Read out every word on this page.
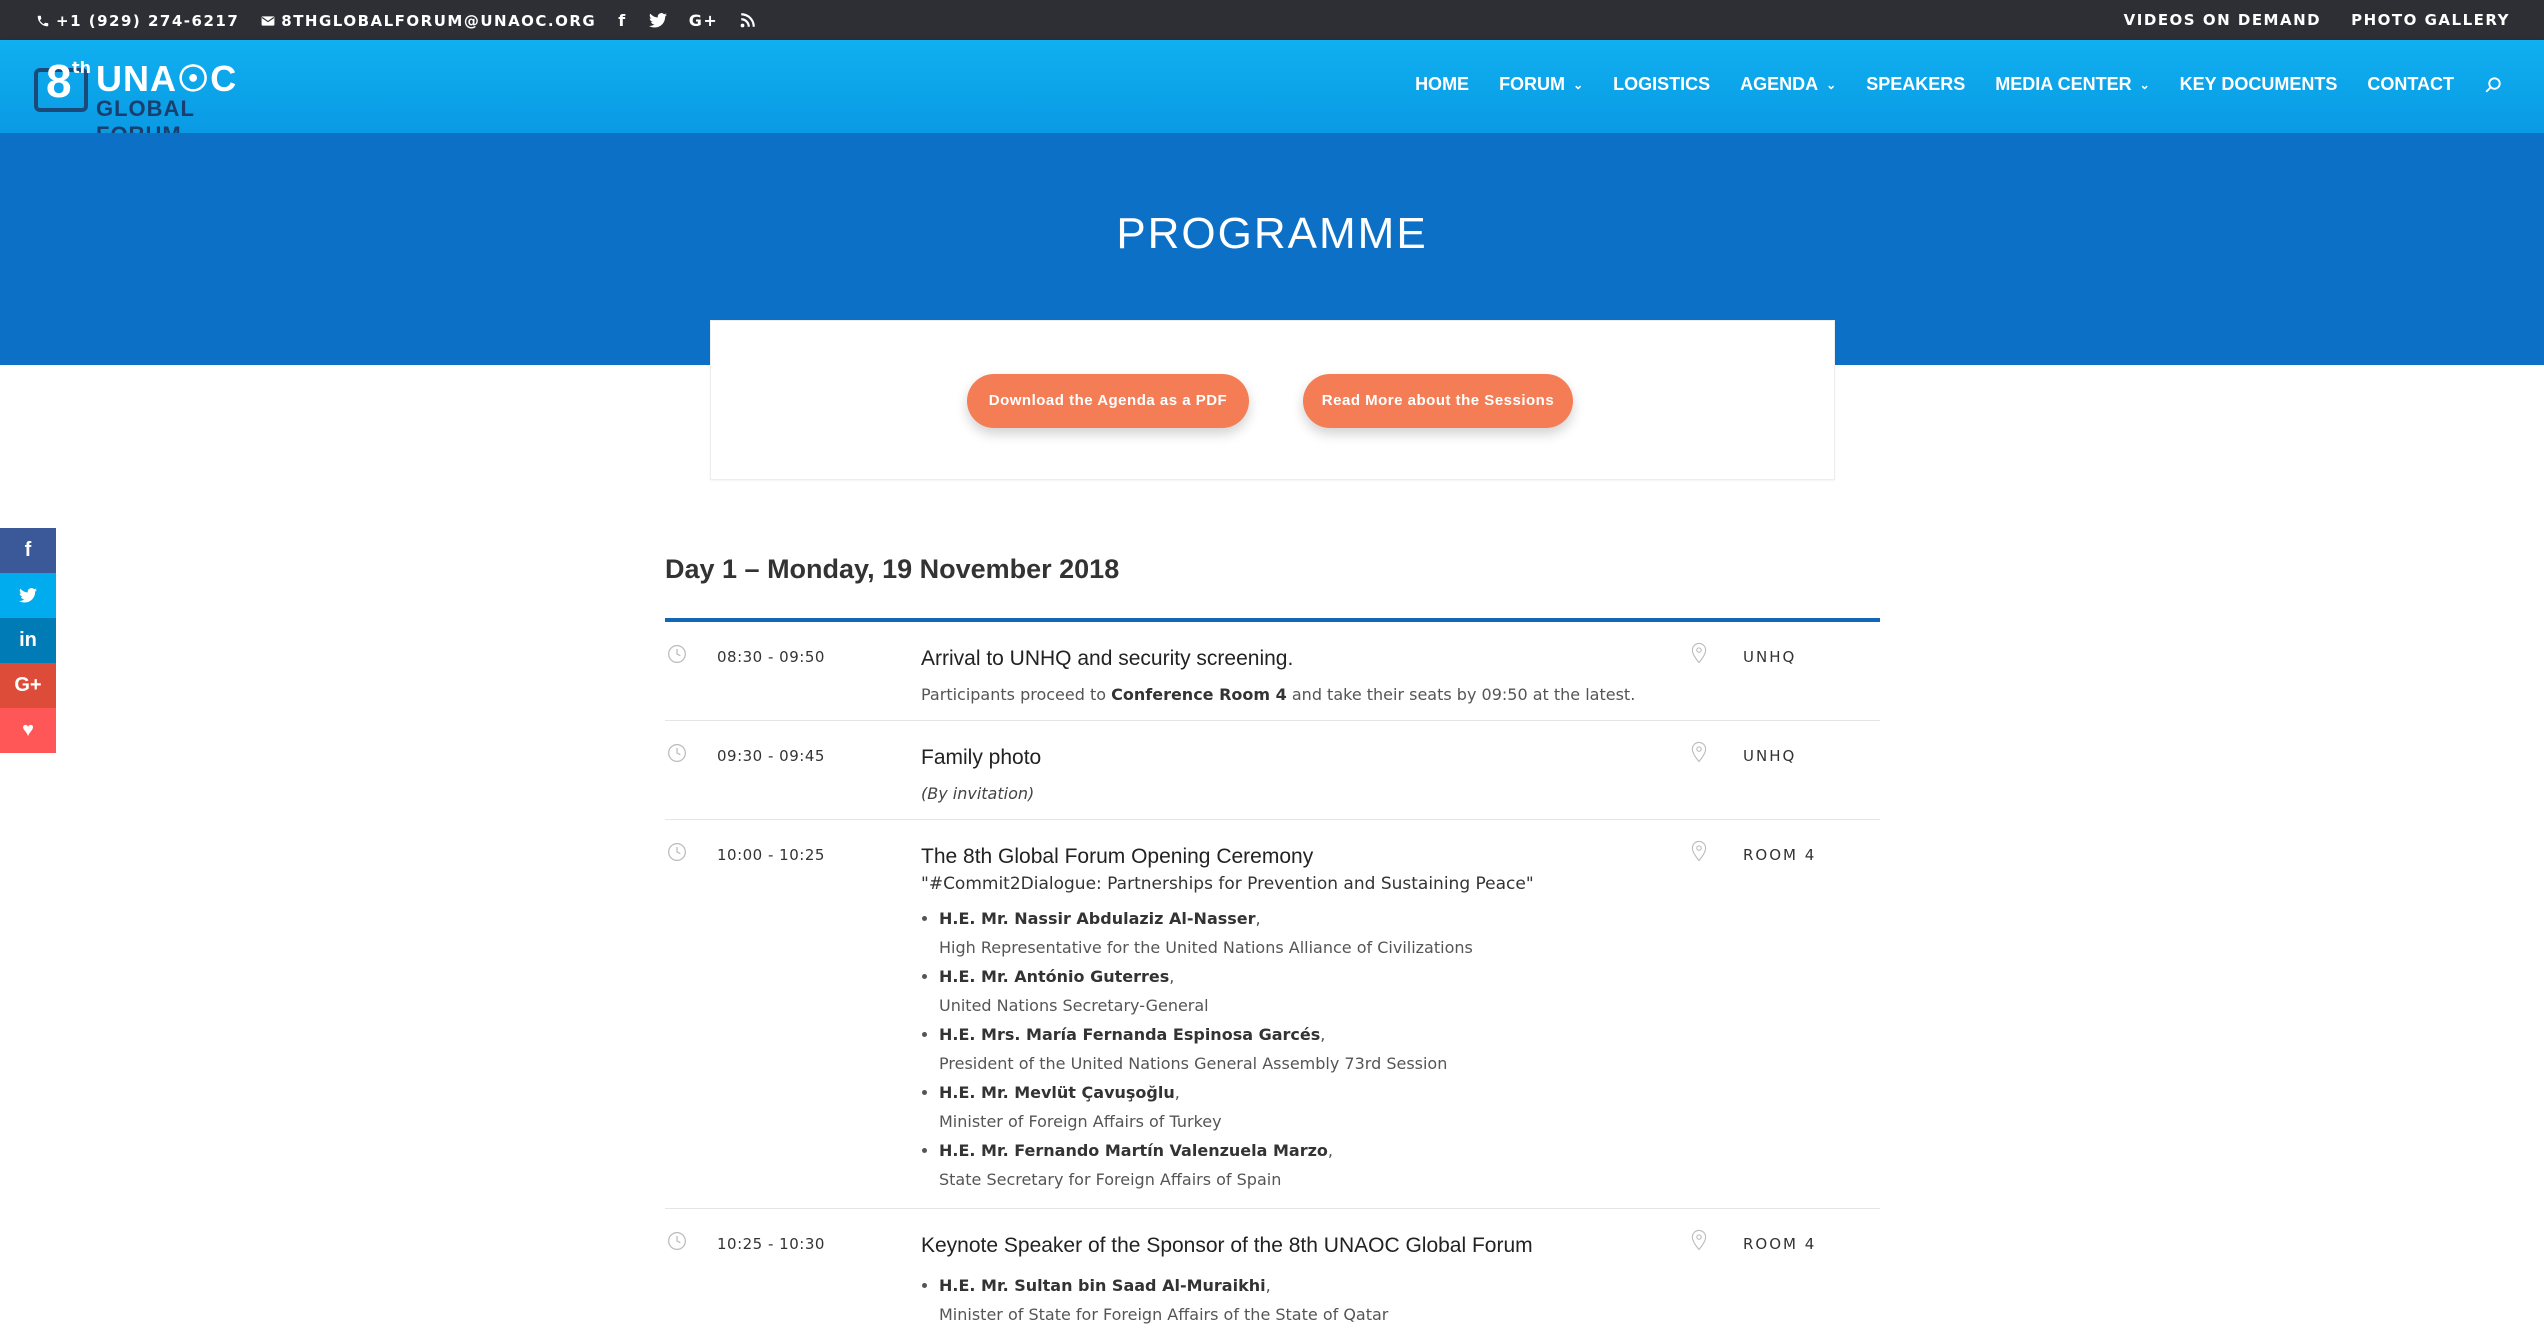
+1 (929) 274-6217	8THGLOBALFORUM@UNAOC.ORG f	G+	VIDEOS ON DEMAND PHOTO GALLERY
8 th UNA☉C
GLOBAL
HOME FORUM ⌄ LOGISTICS AGENDA ⌄ SPEAKERS MEDIA CENTER ⌄ KEY DOCUMENTS CONTACT
PROGRAMME
Download the Agenda as a PDF	Read More about the Sessions
f
in
G+
♥
Day 1 – Monday, 19 November 2018
08:30 - 09:50	UNHQ
Arrival to UNHQ and security screening.
Participants proceed to Conference Room 4 and take their seats by 09:50 at the latest.
09:30 - 09:45	UNHQ
Family photo
(By invitation)
10:00 - 10:25	ROOM 4
The 8th Global Forum Opening Ceremony
"#Commit2Dialogue: Partnerships for Prevention and Sustaining Peace"
• H.E. Mr. Nassir Abdulaziz Al-Nasser,
High Representative for the United Nations Alliance of Civilizations
• H.E. Mr. António Guterres,
United Nations Secretary-General
• H.E. Mrs. María Fernanda Espinosa Garcés,
President of the United Nations General Assembly 73rd Session
• H.E. Mr. Mevlüt Çavuşoğlu,
Minister of Foreign Affairs of Turkey
• H.E. Mr. Fernando Martín Valenzuela Marzo,
State Secretary for Foreign Affairs of Spain
10:25 - 10:30	ROOM 4
Keynote Speaker of the Sponsor of the 8th UNAOC Global Forum
• H.E. Mr. Sultan bin Saad Al-Muraikhi,
Minister of State for Foreign Affairs of the State of Qatar
